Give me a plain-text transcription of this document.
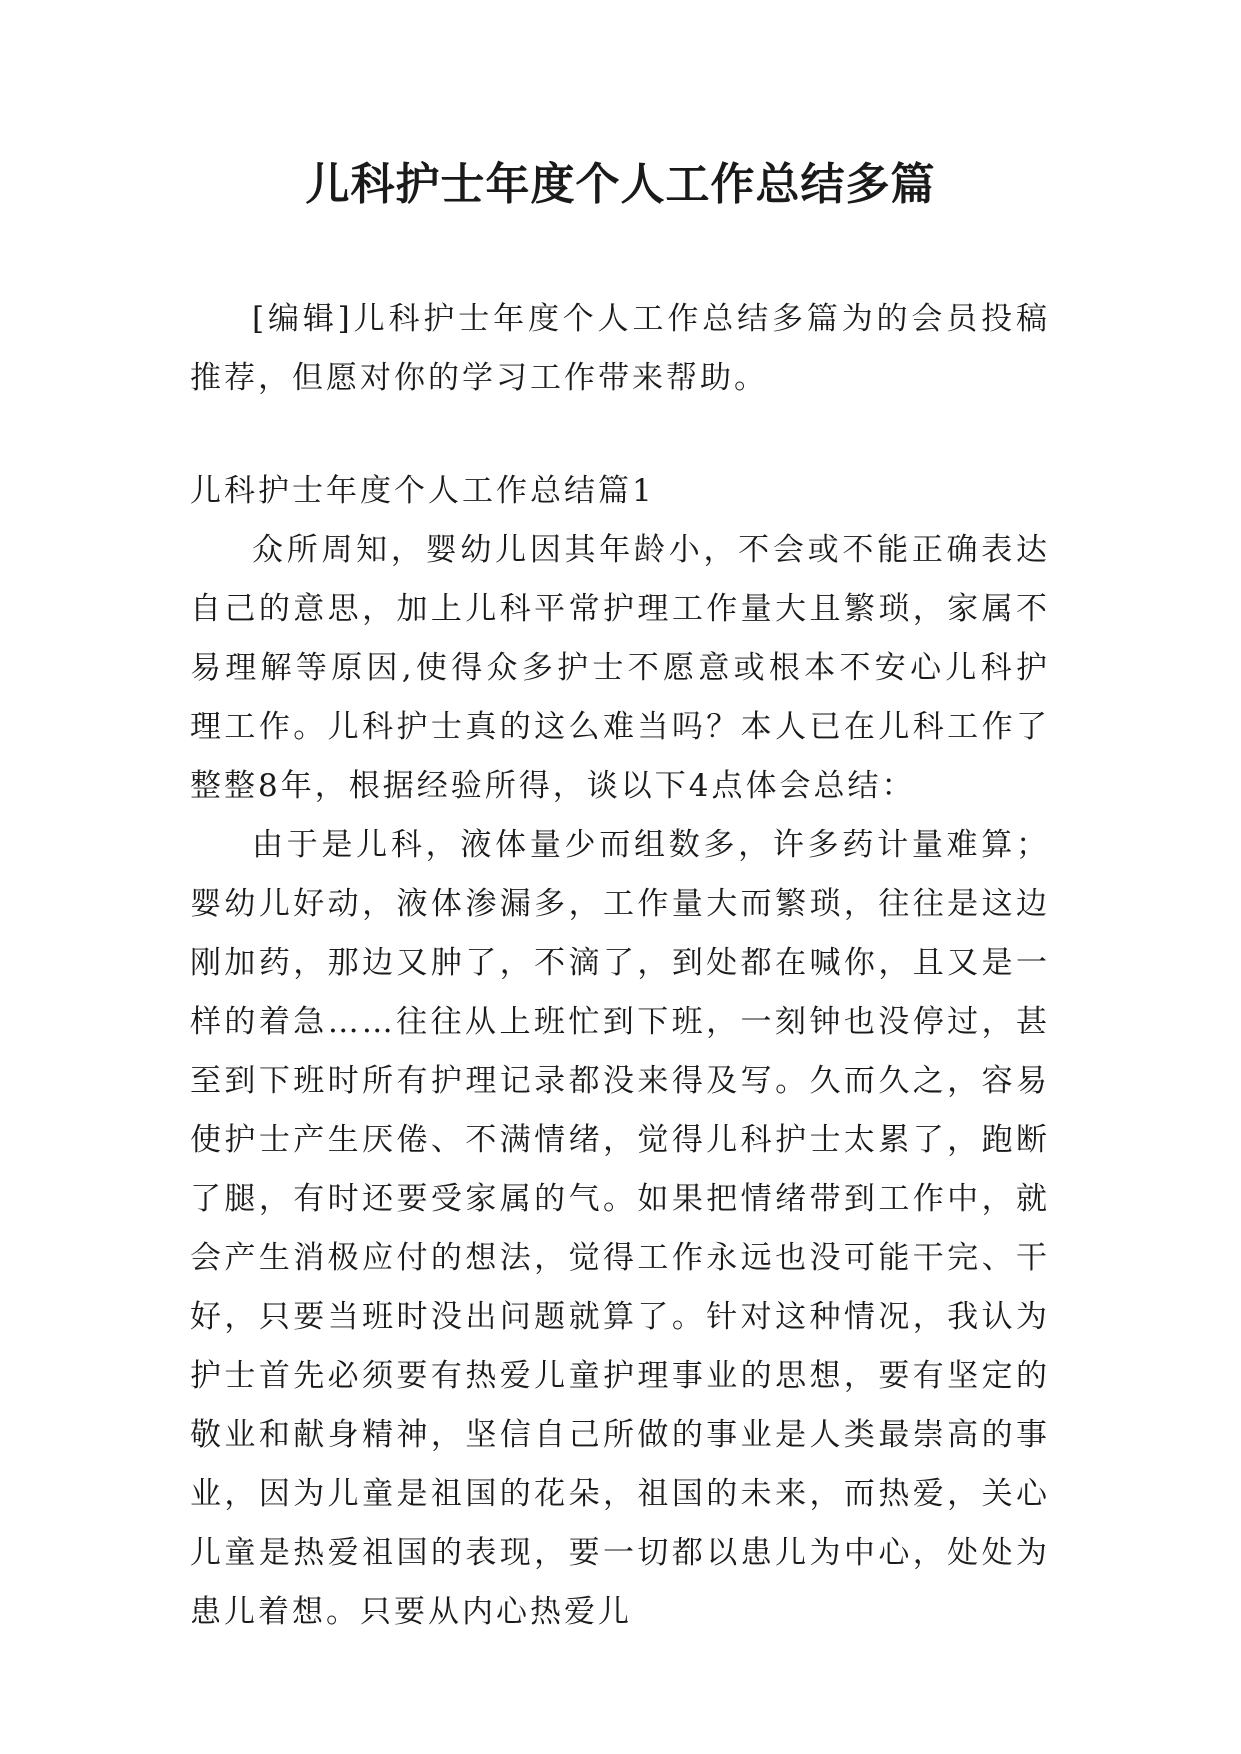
儿科护士年度个人工作总结多篇

[编辑]儿科护士年度个人工作总结多篇为的会员投稿推荐，但愿对你的学习工作带来帮助。

儿科护士年度个人工作总结篇1

众所周知，婴幼儿因其年龄小，不会或不能正确表达自己的意思，加上儿科平常护理工作量大且繁琐，家属不易理解等原因,使得众多护士不愿意或根本不安心儿科护理工作。儿科护士真的这么难当吗？本人已在儿科工作了整整8年，根据经验所得，谈以下4点体会总结：

由于是儿科，液体量少而组数多，许多药计量难算；婴幼儿好动，液体渗漏多，工作量大而繁琐，往往是这边刚加药，那边又肿了，不滴了，到处都在喊你，且又是一样的着急……往往从上班忙到下班，一刻钟也没停过，甚至到下班时所有护理记录都没来得及写。久而久之，容易使护士产生厌倦、不满情绪，觉得儿科护士太累了，跑断了腿，有时还要受家属的气。如果把情绪带到工作中，就会产生消极应付的想法，觉得工作永远也没可能干完、干好，只要当班时没出问题就算了。针对这种情况，我认为护士首先必须要有热爱儿童护理事业的思想，要有坚定的敬业和献身精神，坚信自己所做的事业是人类最崇高的事业，因为儿童是祖国的花朵，祖国的未来，而热爱，关心儿童是热爱祖国的表现，要一切都以患儿为中心，处处为患儿着想。只要从内心热爱儿
